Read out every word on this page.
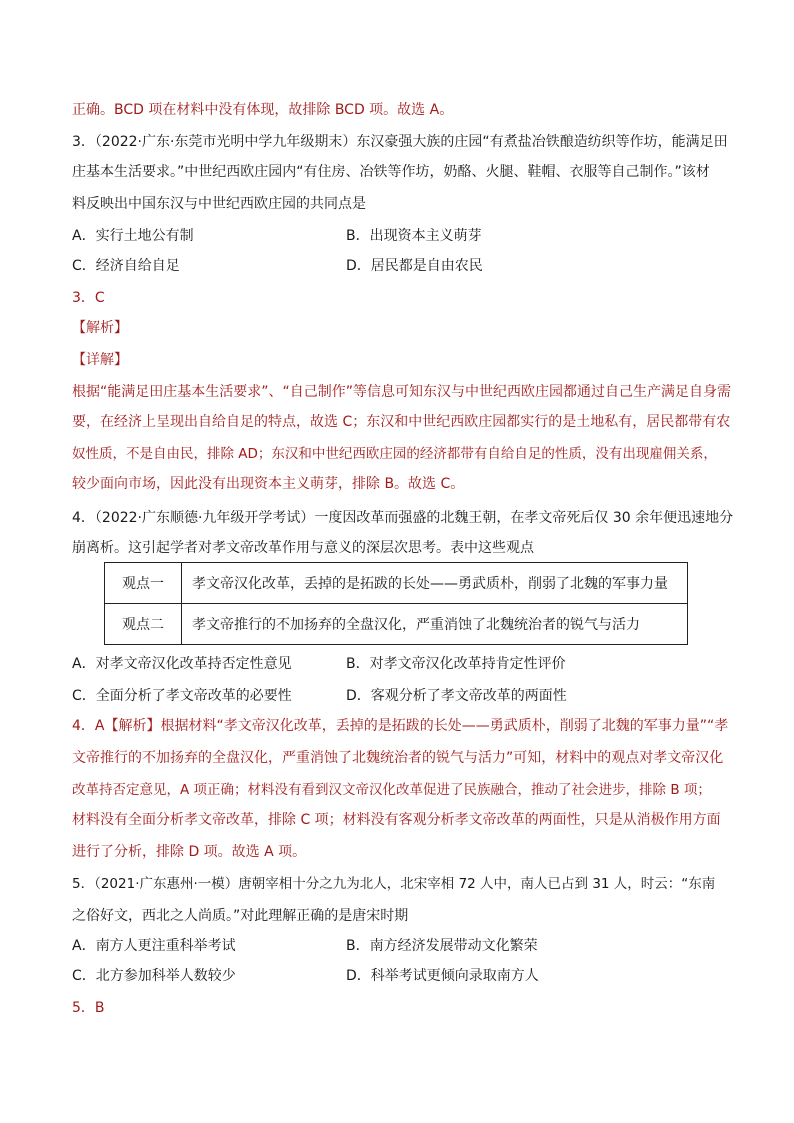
正确。BCD 项在材料中没有体现，故排除 BCD 项。故选 A。
3．（2022·广东·东莞市光明中学九年级期末）东汉豪强大族的庄园“有煮盐冶铁酿造纺织等作坊，能满足田
庄基本生活要求。”中世纪西欧庄园内“有住房、冶铁等作坊，奶酪、火腿、鞋帽、衣服等自己制作。”该材
料反映出中国东汉与中世纪西欧庄园的共同点是
A．实行土地公有制	B．出现资本主义萌芽
C．经济自给自足	D．居民都是自由农民
3．C
【解析】
【详解】
根据“能满足田庄基本生活要求”、“自己制作”等信息可知东汉与中世纪西欧庄园都通过自己生产满足自身需
要，在经济上呈现出自给自足的特点，故选 C；东汉和中世纪西欧庄园都实行的是土地私有，居民都带有农
奴性质，不是自由民，排除 AD；东汉和中世纪西欧庄园的经济都带有自给自足的性质，没有出现雇佣关系，
较少面向市场，因此没有出现资本主义萌芽，排除 B。故选 C。
4．（2022·广东顺德·九年级开学考试）一度因改革而强盛的北魏王朝，在孝文帝死后仅 30 余年便迅速地分
崩离析。这引起学者对孝文帝改革作用与意义的深层次思考。表中这些观点
观点一	孝文帝汉化改革，丢掉的是拓跋的长处——勇武质朴，削弱了北魏的军事力量
观点二	孝文帝推行的不加扬弃的全盘汉化，严重消蚀了北魏统治者的锐气与活力
A．对孝文帝汉化改革持否定性意见	B．对孝文帝汉化改革持肯定性评价
C．全面分析了孝文帝改革的必要性	D．客观分析了孝文帝改革的两面性
4．A【解析】根据材料“孝文帝汉化改革，丢掉的是拓跋的长处——勇武质朴，削弱了北魏的军事力量”“孝
文帝推行的不加扬弃的全盘汉化，严重消蚀了北魏统治者的锐气与活力”可知，材料中的观点对孝文帝汉化
改革持否定意见，A 项正确；材料没有看到汉文帝汉化改革促进了民族融合，推动了社会进步，排除 B 项；
材料没有全面分析孝文帝改革，排除 C 项；材料没有客观分析孝文帝改革的两面性，只是从消极作用方面
进行了分析，排除 D 项。故选 A 项。
5．（2021·广东惠州·一模）唐朝宰相十分之九为北人，北宋宰相 72 人中，南人已占到 31 人，时云：“东南
之俗好文，西北之人尚质。”对此理解正确的是唐宋时期
A．南方人更注重科举考试	B．南方经济发展带动文化繁荣
C．北方参加科举人数较少	D．科举考试更倾向录取南方人
5．B
